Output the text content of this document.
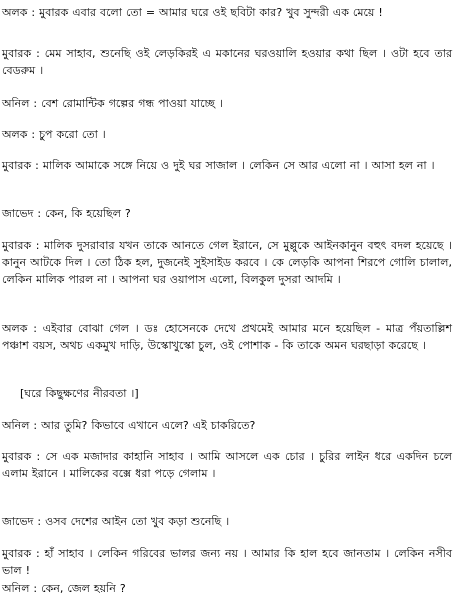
অলক : মুবারক এবার বলো তো = আমার ঘরে ওই ছবিটা কার? খুব সুন্দরী এক মেয়ে !

মুবারক : মেম সাহাব, শুনেছি ওই লেড়কিরই এ মকানের ঘরওয়ালি হওয়ার কথা ছিল । ওটা হবে তার বেডরুম ।

অনিল : বেশ রোমান্টিক গল্পের গন্ধ পাওয়া যাচ্ছে ।

অলক : চুপ করো তো ।

মুবারক : মালিক আমাকে সঙ্গে নিয়ে ও দুই ঘর সাজাল । লেকিন সে আর এলো না । আসা হল না ।

জাভেদ : কেন, কি হয়েছিল ?

মুবারক : মালিক দুসরাবার যখন তাকে আনতে গেল ইরানে, সে মুল্লুকে আইনকানুন বহুৎ বদল হয়েছে । কানুন আটকে দিল । তো ঠিক হল, দুজনেই সুইসাইড করবে । কে লেড়কি আপনা শিরপে গোলি চালাল, লেকিন মালিক পারল না । আপনা ঘর ওয়াপাস এলো, বিলকুল দুসরা আদমি ।

অলক : এইবার বোঝা গেল । ডঃ হোসেনকে দেখে প্রথমেই আমার মনে হয়েছিল - মাত্র পঁয়তাল্লিশ পঞ্চাশ বয়স, অথচ একমুখ দাড়ি, উস্কোখুস্কো চুল, ওই পোশাক - কি তাকে অমন ঘরছাড়া করেছে ।

[ঘরে কিছুক্ষণের নীরবতা ।]

অনিল : আর তুমি? কিভাবে এখানে এলে? এই চাকরিতে?

মুবারক : সে এক মজাদার কাহানি সাহাব । আমি আসলে এক চোর । চুরির লাইন ধরে একদিন চলে এলাম ইরানে । মালিকের বক্সে ধরা পড়ে গেলাম ।

জাভেদ : ওসব দেশের আইন তো খুব কড়া শুনেছি ।

মুবারক : হাঁ সাহাব । লেকিন গরিবের ভালর জন্য নয় । আমার কি হাল হবে জানতাম । লেকিন নসীব ভাল !

অনিল : কেন, জেল হয়নি ?
